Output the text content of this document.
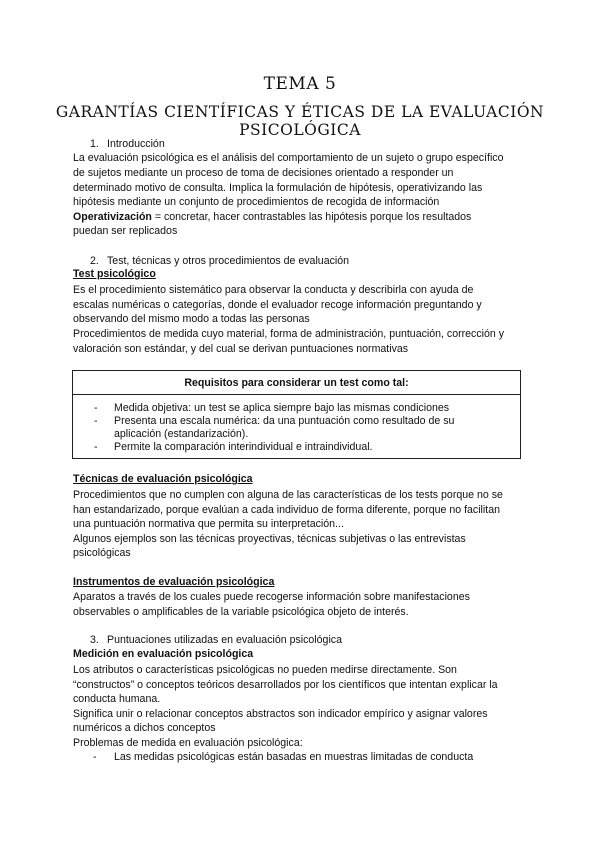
TEMA 5
GARANTÍAS CIENTÍFICAS Y ÉTICAS DE LA EVALUACIÓN PSICOLÓGICA
1. Introducción
La evaluación psicológica es el análisis del comportamiento de un sujeto o grupo específico
de sujetos mediante un proceso de toma de decisiones orientado a responder un
determinado motivo de consulta. Implica la formulación de hipótesis, operativizando las
hipótesis mediante un conjunto de procedimientos de recogida de información
Operativización = concretar, hacer contrastables las hipótesis porque los resultados
puedan ser replicados
2. Test, técnicas y otros procedimientos de evaluación
Test psicológico
Es el procedimiento sistemático para observar la conducta y describirla con ayuda de
escalas numéricas o categorías, donde el evaluador recoge información preguntando y
observando del mismo modo a todas las personas
Procedimientos de medida cuyo material, forma de administración, puntuación, corrección y
valoración son estándar, y del cual se derivan puntuaciones normativas
Requisitos para considerar un test como tal:
- Medida objetiva: un test se aplica siempre bajo las mismas condiciones
- Presenta una escala numérica: da una puntuación como resultado de su
aplicación (estandarización).
- Permite la comparación interindividual e intraindividual.
Técnicas de evaluación psicológica
Procedimientos que no cumplen con alguna de las características de los tests porque no se
han estandarizado, porque evalúan a cada individuo de forma diferente, porque no facilitan
una puntuación normativa que permita su interpretación...
Algunos ejemplos son las técnicas proyectivas, técnicas subjetivas o las entrevistas
psicológicas
Instrumentos de evaluación psicológica
Aparatos a través de los cuales puede recogerse información sobre manifestaciones
observables o amplificables de la variable psicológica objeto de interés.
3. Puntuaciones utilizadas en evaluación psicológica
Medición en evaluación psicológica
Los atributos o características psicológicas no pueden medirse directamente. Son
“constructos” o conceptos teóricos desarrollados por los científicos que intentan explicar la
conducta humana.
Significa unir o relacionar conceptos abstractos son indicador empírico y asignar valores
numéricos a dichos conceptos
Problemas de medida en evaluación psicológica:
- Las medidas psicológicas están basadas en muestras limitadas de conducta
